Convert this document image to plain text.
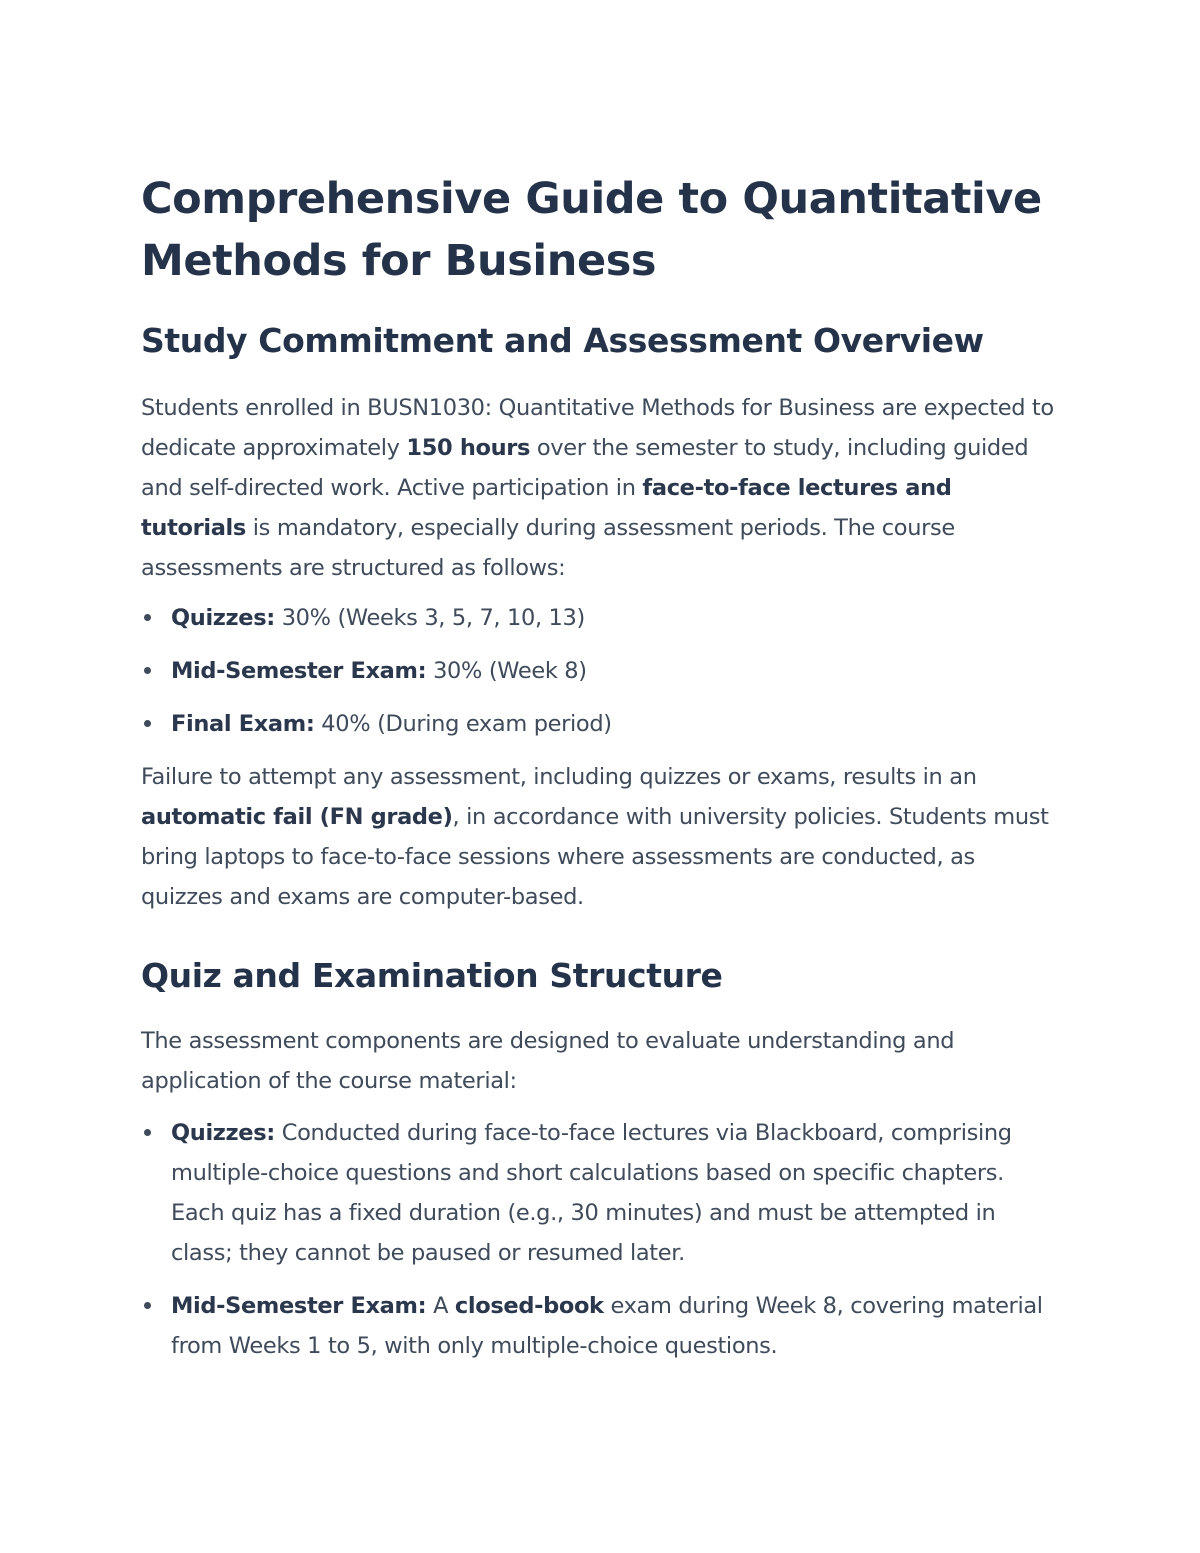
Comprehensive Guide to Quantitative Methods for Business
Study Commitment and Assessment Overview

Students enrolled in BUSN1030: Quantitative Methods for Business are expected to dedicate approximately 150 hours over the semester to study, including guided and self-directed work. Active participation in face-to-face lectures and tutorials is mandatory, especially during assessment periods. The course assessments are structured as follows:

Quizzes: 30% (Weeks 3, 5, 7, 10, 13)
Mid-Semester Exam: 30% (Week 8)
Final Exam: 40% (During exam period)

Failure to attempt any assessment, including quizzes or exams, results in an automatic fail (FN grade), in accordance with university policies. Students must bring laptops to face-to-face sessions where assessments are conducted, as quizzes and exams are computer-based.

Quiz and Examination Structure

The assessment components are designed to evaluate understanding and application of the course material:

Quizzes: Conducted during face-to-face lectures via Blackboard, comprising multiple-choice questions and short calculations based on specific chapters. Each quiz has a fixed duration (e.g., 30 minutes) and must be attempted in class; they cannot be paused or resumed later.
Mid-Semester Exam: A closed-book exam during Week 8, covering material from Weeks 1 to 5, with only multiple-choice questions.
